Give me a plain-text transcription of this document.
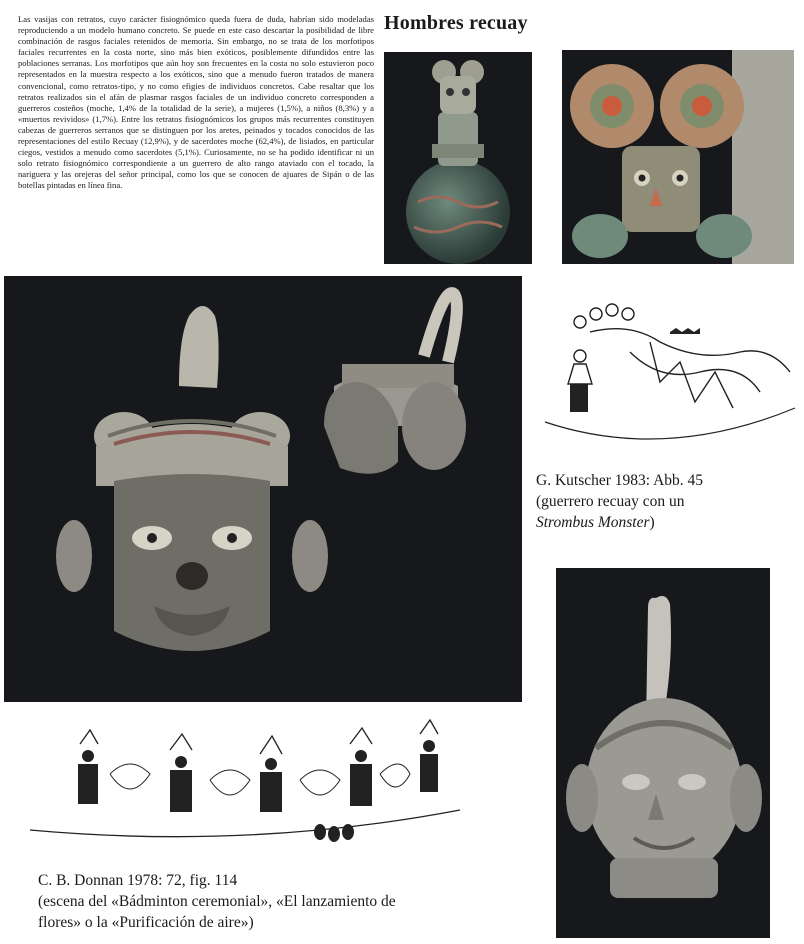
Las vasijas con retratos, cuyo carácter fisiognómico queda fuera de duda, habrían sido modeladas reproduciendo a un modelo humano concreto. Se puede en este caso descartar la posibilidad de libre combinación de rasgos faciales retenidos de memoria. Sin embargo, no se trata de los morfotipos faciales recurrentes en la costa norte, sino más bien exóticos, posiblemente difundidos entre las poblaciones serranas. Los morfotipos que aún hoy son frecuentes en la costa no solo estuvieron poco representados en la muestra respecto a los exóticos, sino que a menudo fueron tratados de manera convencional, como retratos-tipo, y no como efigies de individuos concretos. Cabe resaltar que los retratos realizados sin el afán de plasmar rasgos faciales de un individuo concreto corresponden a guerreros costeños (moche, 1,4% de la totalidad de la serie), a mujeres (1,5%), a niños (8,3%) y a «muertos revividos» (1,7%). Entre los retratos fisiognómicos los grupos más recurrentes constituyen cabezas de guerreros serranos que se distinguen por los aretes, peinados y tocados conocidos de las representaciones del estilo Recuay (12,9%), y de sacerdotes moche (62,4%), de lisiados, en particular ciegos, vestidos a menudo como sacerdotes (5,1%). Curiosamente, no se ha podido identificar ni un solo retrato fisiognómico correspondiente a un guerrero de alto rango ataviado con el tocado, la nariguera y las orejeras del señor principal, como los que se conocen de ajuares de Sipán o de las botellas pintadas en línea fina.

Hombres recuay

G. Kutscher 1983: Abb. 45
(guerrero recuay con un
Strombus Monster)

C. B. Donnan 1978: 72, fig. 114
(escena del «Bádminton ceremonial», «El lanzamiento de
flores» o la «Purificación de aire»)
